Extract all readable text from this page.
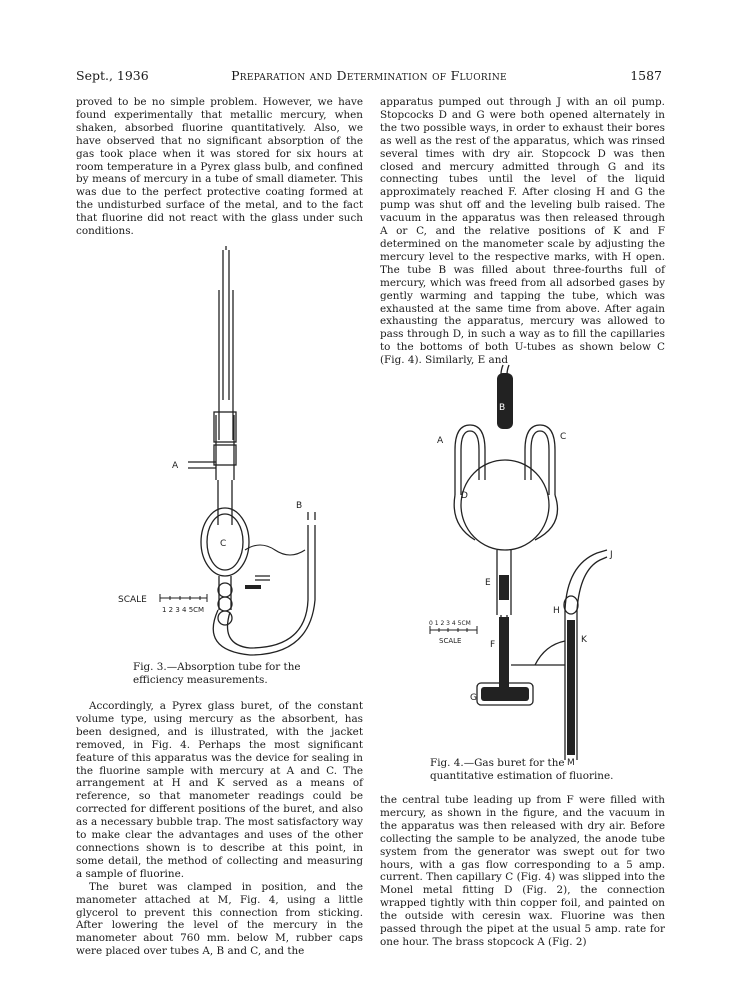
Sept., 1936	Preparation and Determination of Fluorine	1587

proved to be no simple problem. However, we have found experimentally that metallic mercury, when shaken, absorbed fluorine quantitatively. Also, we have observed that no significant absorption of the gas took place when it was stored for six hours at room temperature in a Pyrex glass bulb, and confined by means of mercury in a tube of small diameter. This was due to the perfect protective coating formed at the undisturbed surface of the metal, and to the fact that fluorine did not react with the glass under such conditions.

A
B
C
SCALE
1 2 3 4 5CM
Fig. 3.—Absorption tube for the efficiency measurements.

Accordingly, a Pyrex glass buret, of the constant volume type, using mercury as the absorbent, has been designed, and is illustrated, with the jacket removed, in Fig. 4. Perhaps the most significant feature of this apparatus was the device for sealing in the fluorine sample with mercury at A and C. The arrangement at H and K served as a means of reference, so that manometer readings could be corrected for different positions of the buret, and also as a necessary bubble trap. The most satisfactory way to make clear the advantages and uses of the other connections shown is to describe at this point, in some detail, the method of collecting and measuring a sample of fluorine.

The buret was clamped in position, and the manometer attached at M, Fig. 4, using a little glycerol to prevent this connection from sticking. After lowering the level of the mercury in the manometer about 760 mm. below M, rubber caps were placed over tubes A, B and C, and the

apparatus pumped out through J with an oil pump. Stopcocks D and G were both opened alternately in the two possible ways, in order to exhaust their bores as well as the rest of the apparatus, which was rinsed several times with dry air. Stopcock D was then closed and mercury admitted through G and its connecting tubes until the level of the liquid approximately reached F. After closing H and G the pump was shut off and the leveling bulb raised. The vacuum in the apparatus was then released through A or C, and the relative positions of K and F determined on the manometer scale by adjusting the mercury level to the respective marks, with H open. The tube B was filled about three-fourths full of mercury, which was freed from all adsorbed gases by gently warming and tapping the tube, which was exhausted at the same time from above. After again exhausting the apparatus, mercury was allowed to pass through D, in such a way as to fill the capillaries to the bottoms of both U-tubes as shown below C (Fig. 4). Similarly, E and

A
B
C
D
E
F
G
H
J
K
M
0 1 2 3 4 5CM
SCALE
Fig. 4.—Gas buret for the quantitative estimation of fluorine.

the central tube leading up from F were filled with mercury, as shown in the figure, and the vacuum in the apparatus was then released with dry air. Before collecting the sample to be analyzed, the anode tube system from the generator was swept out for two hours, with a gas flow corresponding to a 5 amp. current. Then capillary C (Fig. 4) was slipped into the Monel metal fitting D (Fig. 2), the connection wrapped tightly with thin copper foil, and painted on the outside with ceresin wax. Fluorine was then passed through the pipet at the usual 5 amp. rate for one hour. The brass stopcock A (Fig. 2)
